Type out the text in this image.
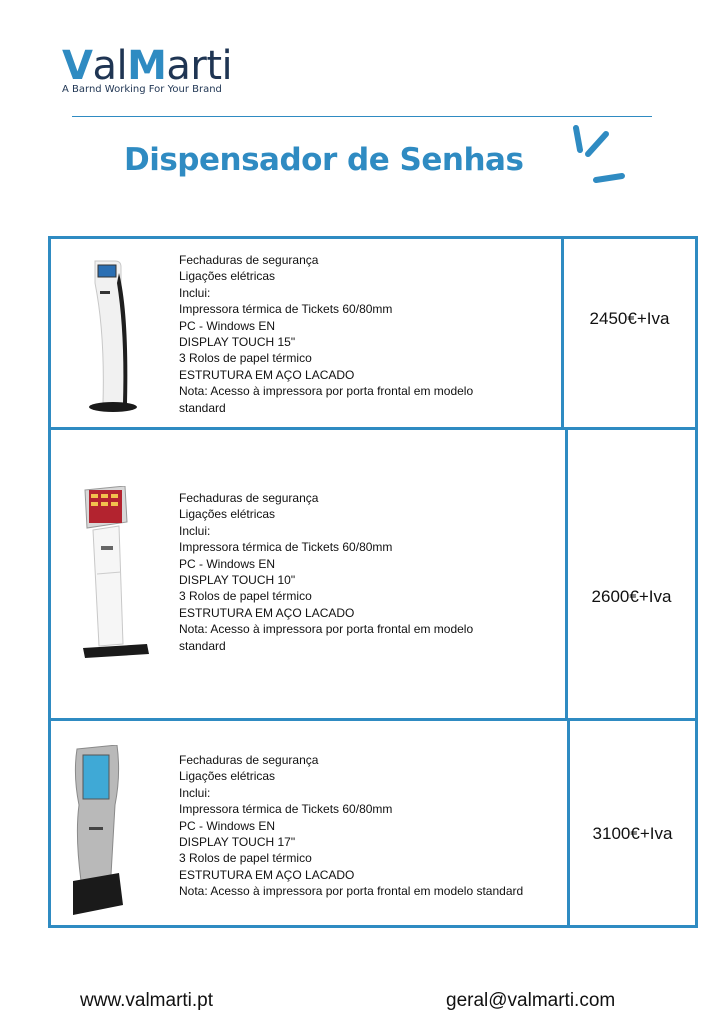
ValMarti
A Barnd Working For Your Brand
Dispensador de Senhas
Fechaduras de segurança
Ligações elétricas
Inclui:
Impressora térmica de Tickets 60/80mm
PC - Windows EN
DISPLAY TOUCH 15"
3 Rolos de papel térmico
ESTRUTURA EM AÇO LACADO
Nota: Acesso à impressora por porta frontal em modelo
standard
2450€+Iva
Fechaduras de segurança
Ligações elétricas
Inclui:
Impressora térmica de Tickets 60/80mm
PC - Windows EN
DISPLAY TOUCH 10"
3 Rolos de papel térmico
ESTRUTURA EM AÇO LACADO
Nota: Acesso à impressora por porta frontal em modelo
standard
2600€+Iva
Fechaduras de segurança
Ligações elétricas
Inclui:
Impressora térmica de Tickets 60/80mm
PC - Windows EN
DISPLAY TOUCH 17"
3 Rolos de papel térmico
ESTRUTURA EM AÇO LACADO
Nota: Acesso à impressora por porta frontal em modelo standard
3100€+Iva
www.valmarti.pt	geral@valmarti.com
